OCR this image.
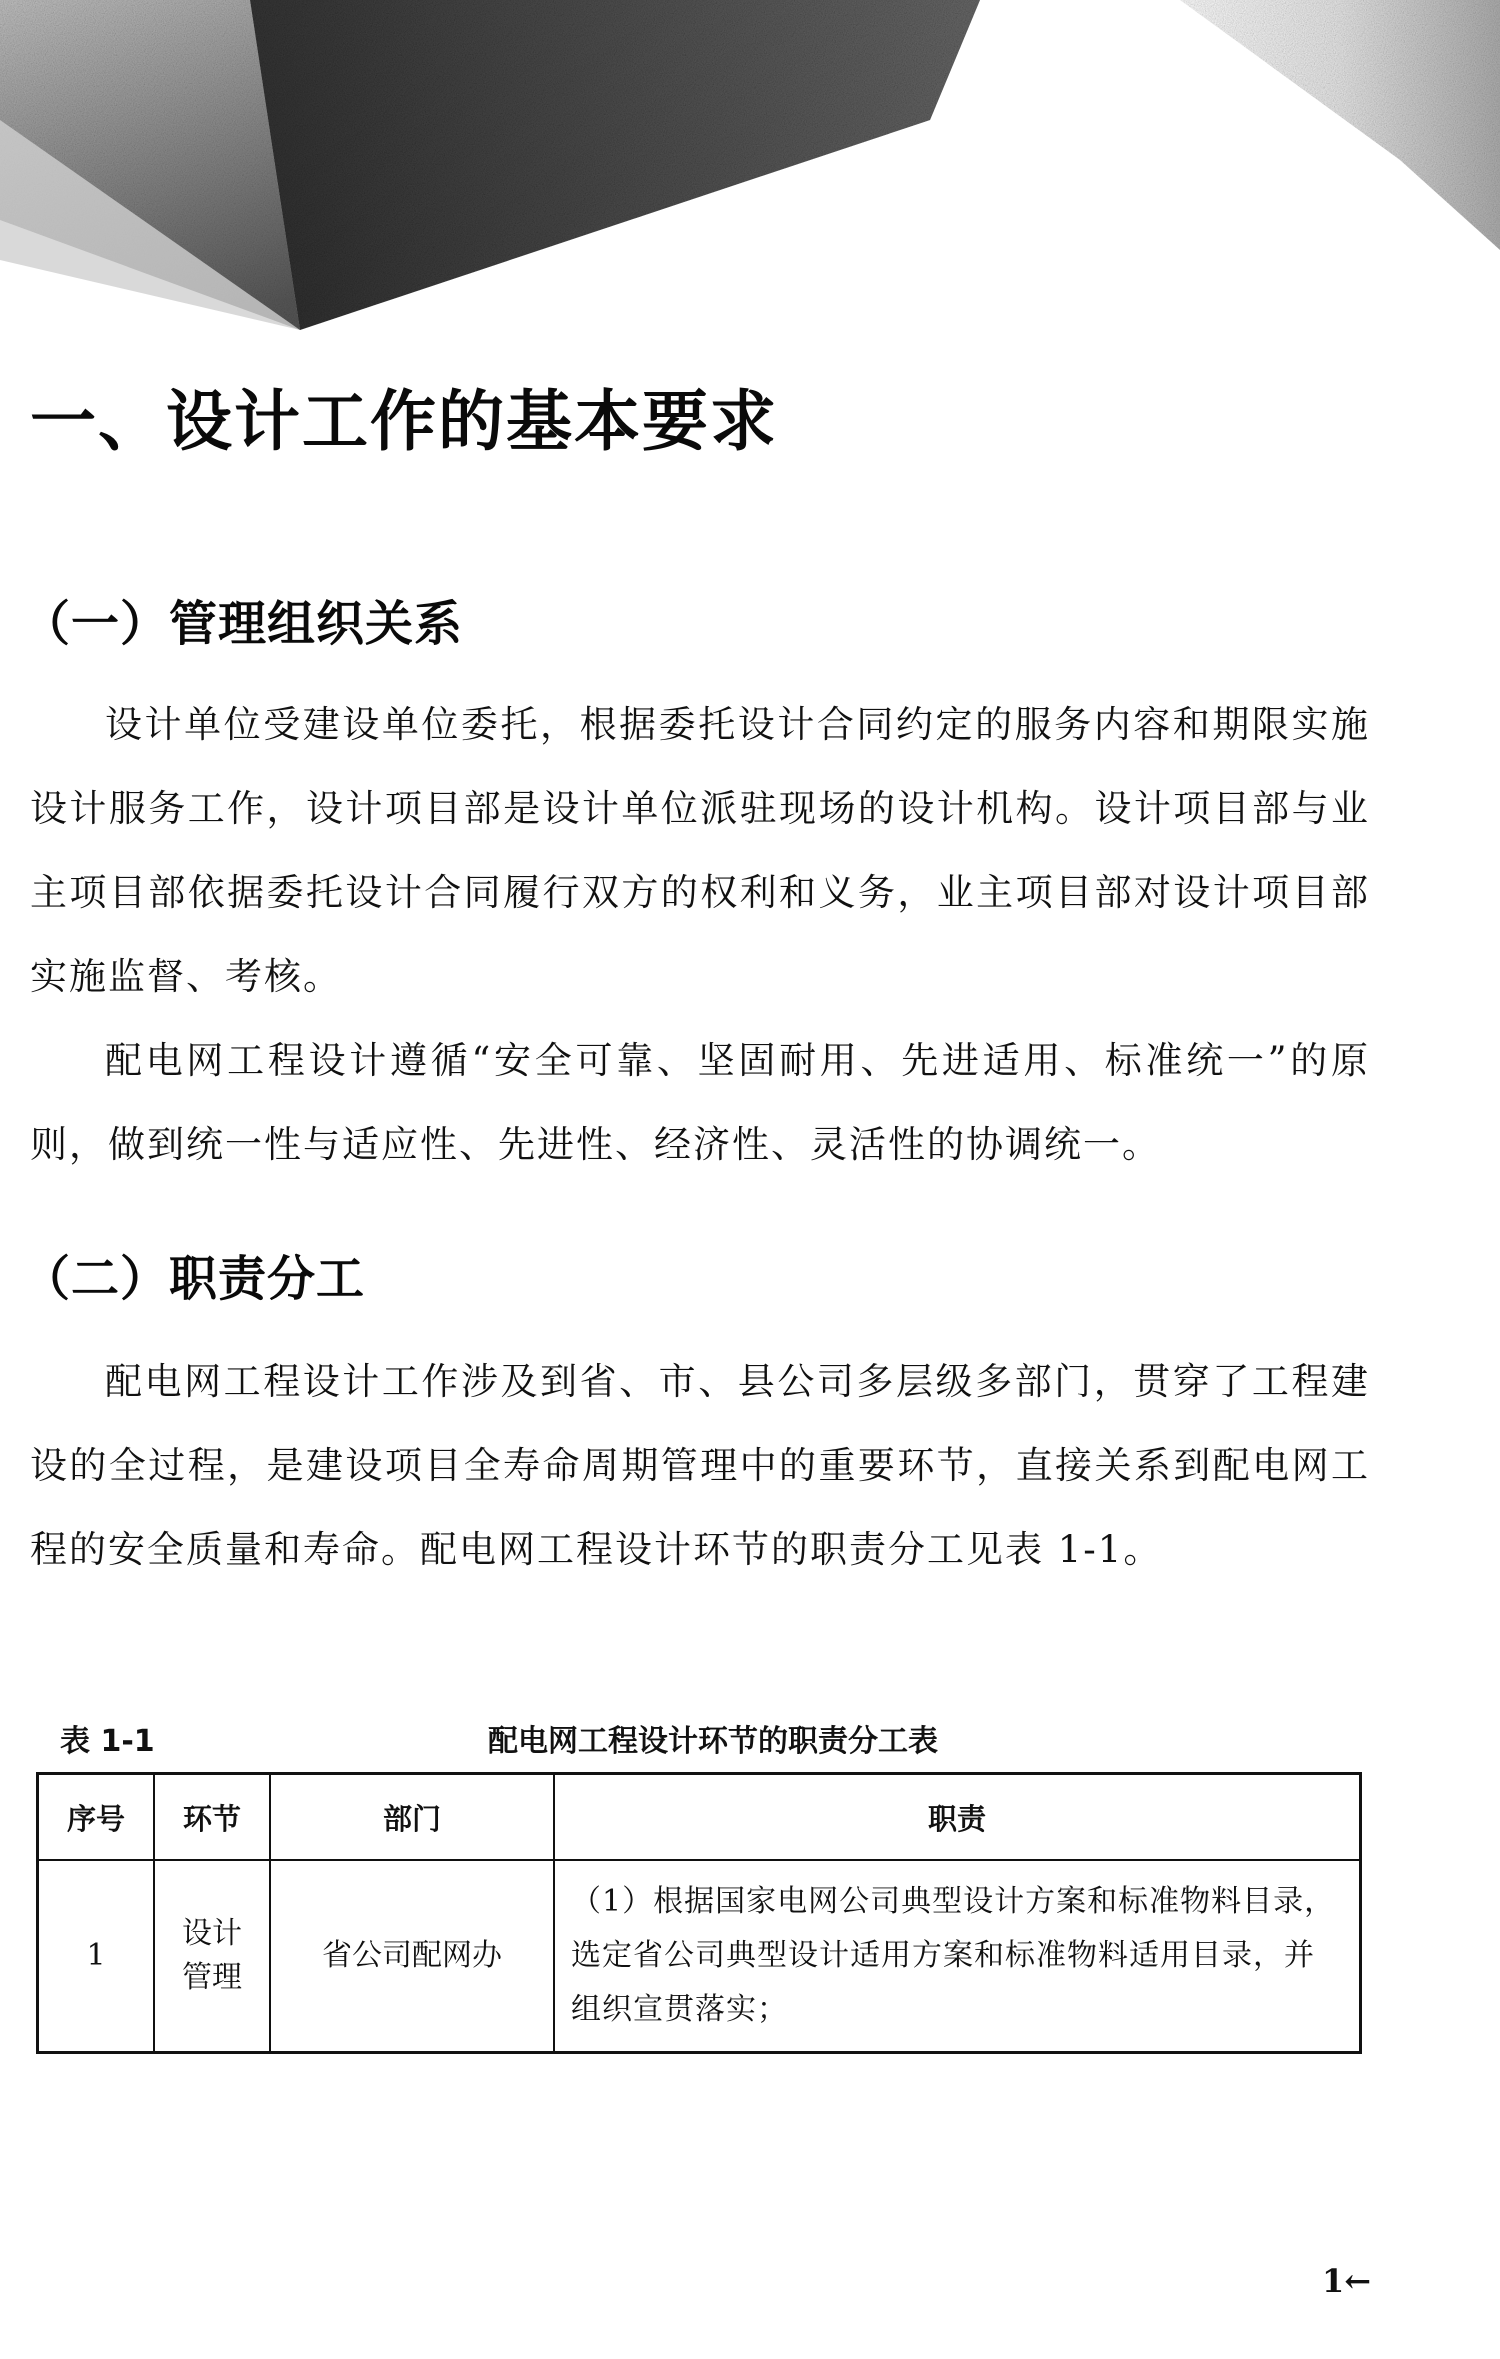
一、设计工作的基本要求
（一）管理组织关系

设计单位受建设单位委托，根据委托设计合同约定的服务内容和期限实施设计服务工作，设计项目部是设计单位派驻现场的设计机构。设计项目部与业主项目部依据委托设计合同履行双方的权利和义务，业主项目部对设计项目部实施监督、考核。

配电网工程设计遵循“安全可靠、坚固耐用、先进适用、标准统一”的原则，做到统一性与适应性、先进性、经济性、灵活性的协调统一。

（二）职责分工

配电网工程设计工作涉及到省、市、县公司多层级多部门，贯穿了工程建设的全过程，是建设项目全寿命周期管理中的重要环节，直接关系到配电网工程的安全质量和寿命。配电网工程设计环节的职责分工见表 1-1。

表 1-1	配电网工程设计环节的职责分工表
序号	环节	部门	职责
1	设计管理	省公司配网办	（1）根据国家电网公司典型设计方案和标准物料目录，选定省公司典型设计适用方案和标准物料适用目录，并组织宣贯落实；
1←
